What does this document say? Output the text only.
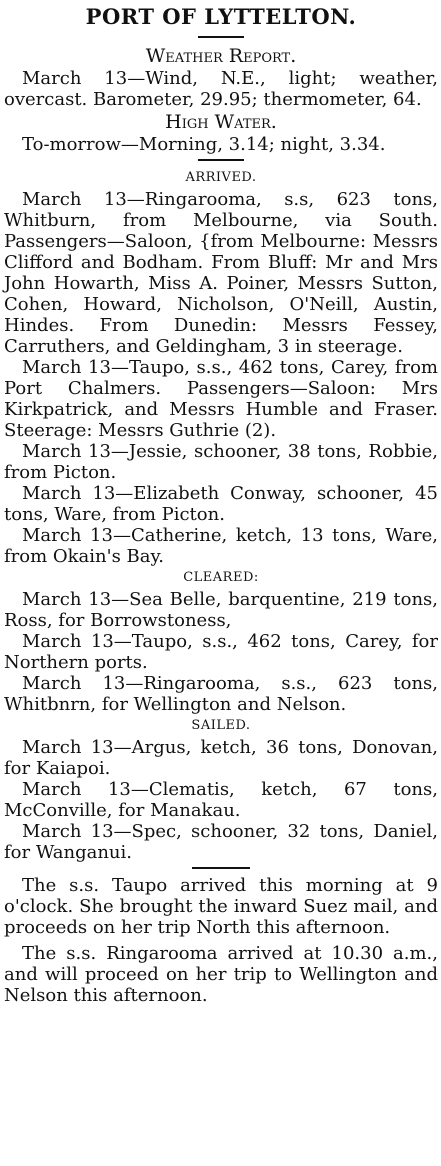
PORT OF LYTTELTON.
Weather Report.

March 13—Wind, N.E., light; weather, overcast. Barometer, 29.95; thermometer, 64.

High Water.

To-morrow—Morning, 3.14; night, 3.34.

ARRIVED.

March 13—Ringarooma, s.s, 623 tons, Whitburn, from Melbourne, via South. Passengers—Saloon, {from Melbourne: Messrs Clifford and Bodham. From Bluff: Mr and Mrs John Howarth, Miss A. Poiner, Messrs Sutton, Cohen, Howard, Nicholson, O'Neill, Austin, Hindes. From Dunedin: Messrs Fessey, Carruthers, and Geldingham, 3 in steerage.

March 13—Taupo, s.s., 462 tons, Carey, from Port Chalmers. Passengers—Saloon: Mrs Kirkpatrick, and Messrs Humble and Fraser. Steerage: Messrs Guthrie (2).

March 13—Jessie, schooner, 38 tons, Robbie, from Picton.

March 13—Elizabeth Conway, schooner, 45 tons, Ware, from Picton.

March 13—Catherine, ketch, 13 tons, Ware, from Okain's Bay.

CLEARED:

March 13—Sea Belle, barquentine, 219 tons, Ross, for Borrowstoness,

March 13—Taupo, s.s., 462 tons, Carey, for Northern ports.

March 13—Ringarooma, s.s., 623 tons, Whitbnrn, for Wellington and Nelson.

SAILED.

March 13—Argus, ketch, 36 tons, Donovan, for Kaiapoi.

March 13—Clematis, ketch, 67 tons, McConville, for Manakau.

March 13—Spec, schooner, 32 tons, Daniel, for Wanganui.

The s.s. Taupo arrived this morning at 9 o'clock. She brought the inward Suez mail, and proceeds on her trip North this afternoon.

The s.s. Ringarooma arrived at 10.30 a.m., and will proceed on her trip to Wellington and Nelson this afternoon.
